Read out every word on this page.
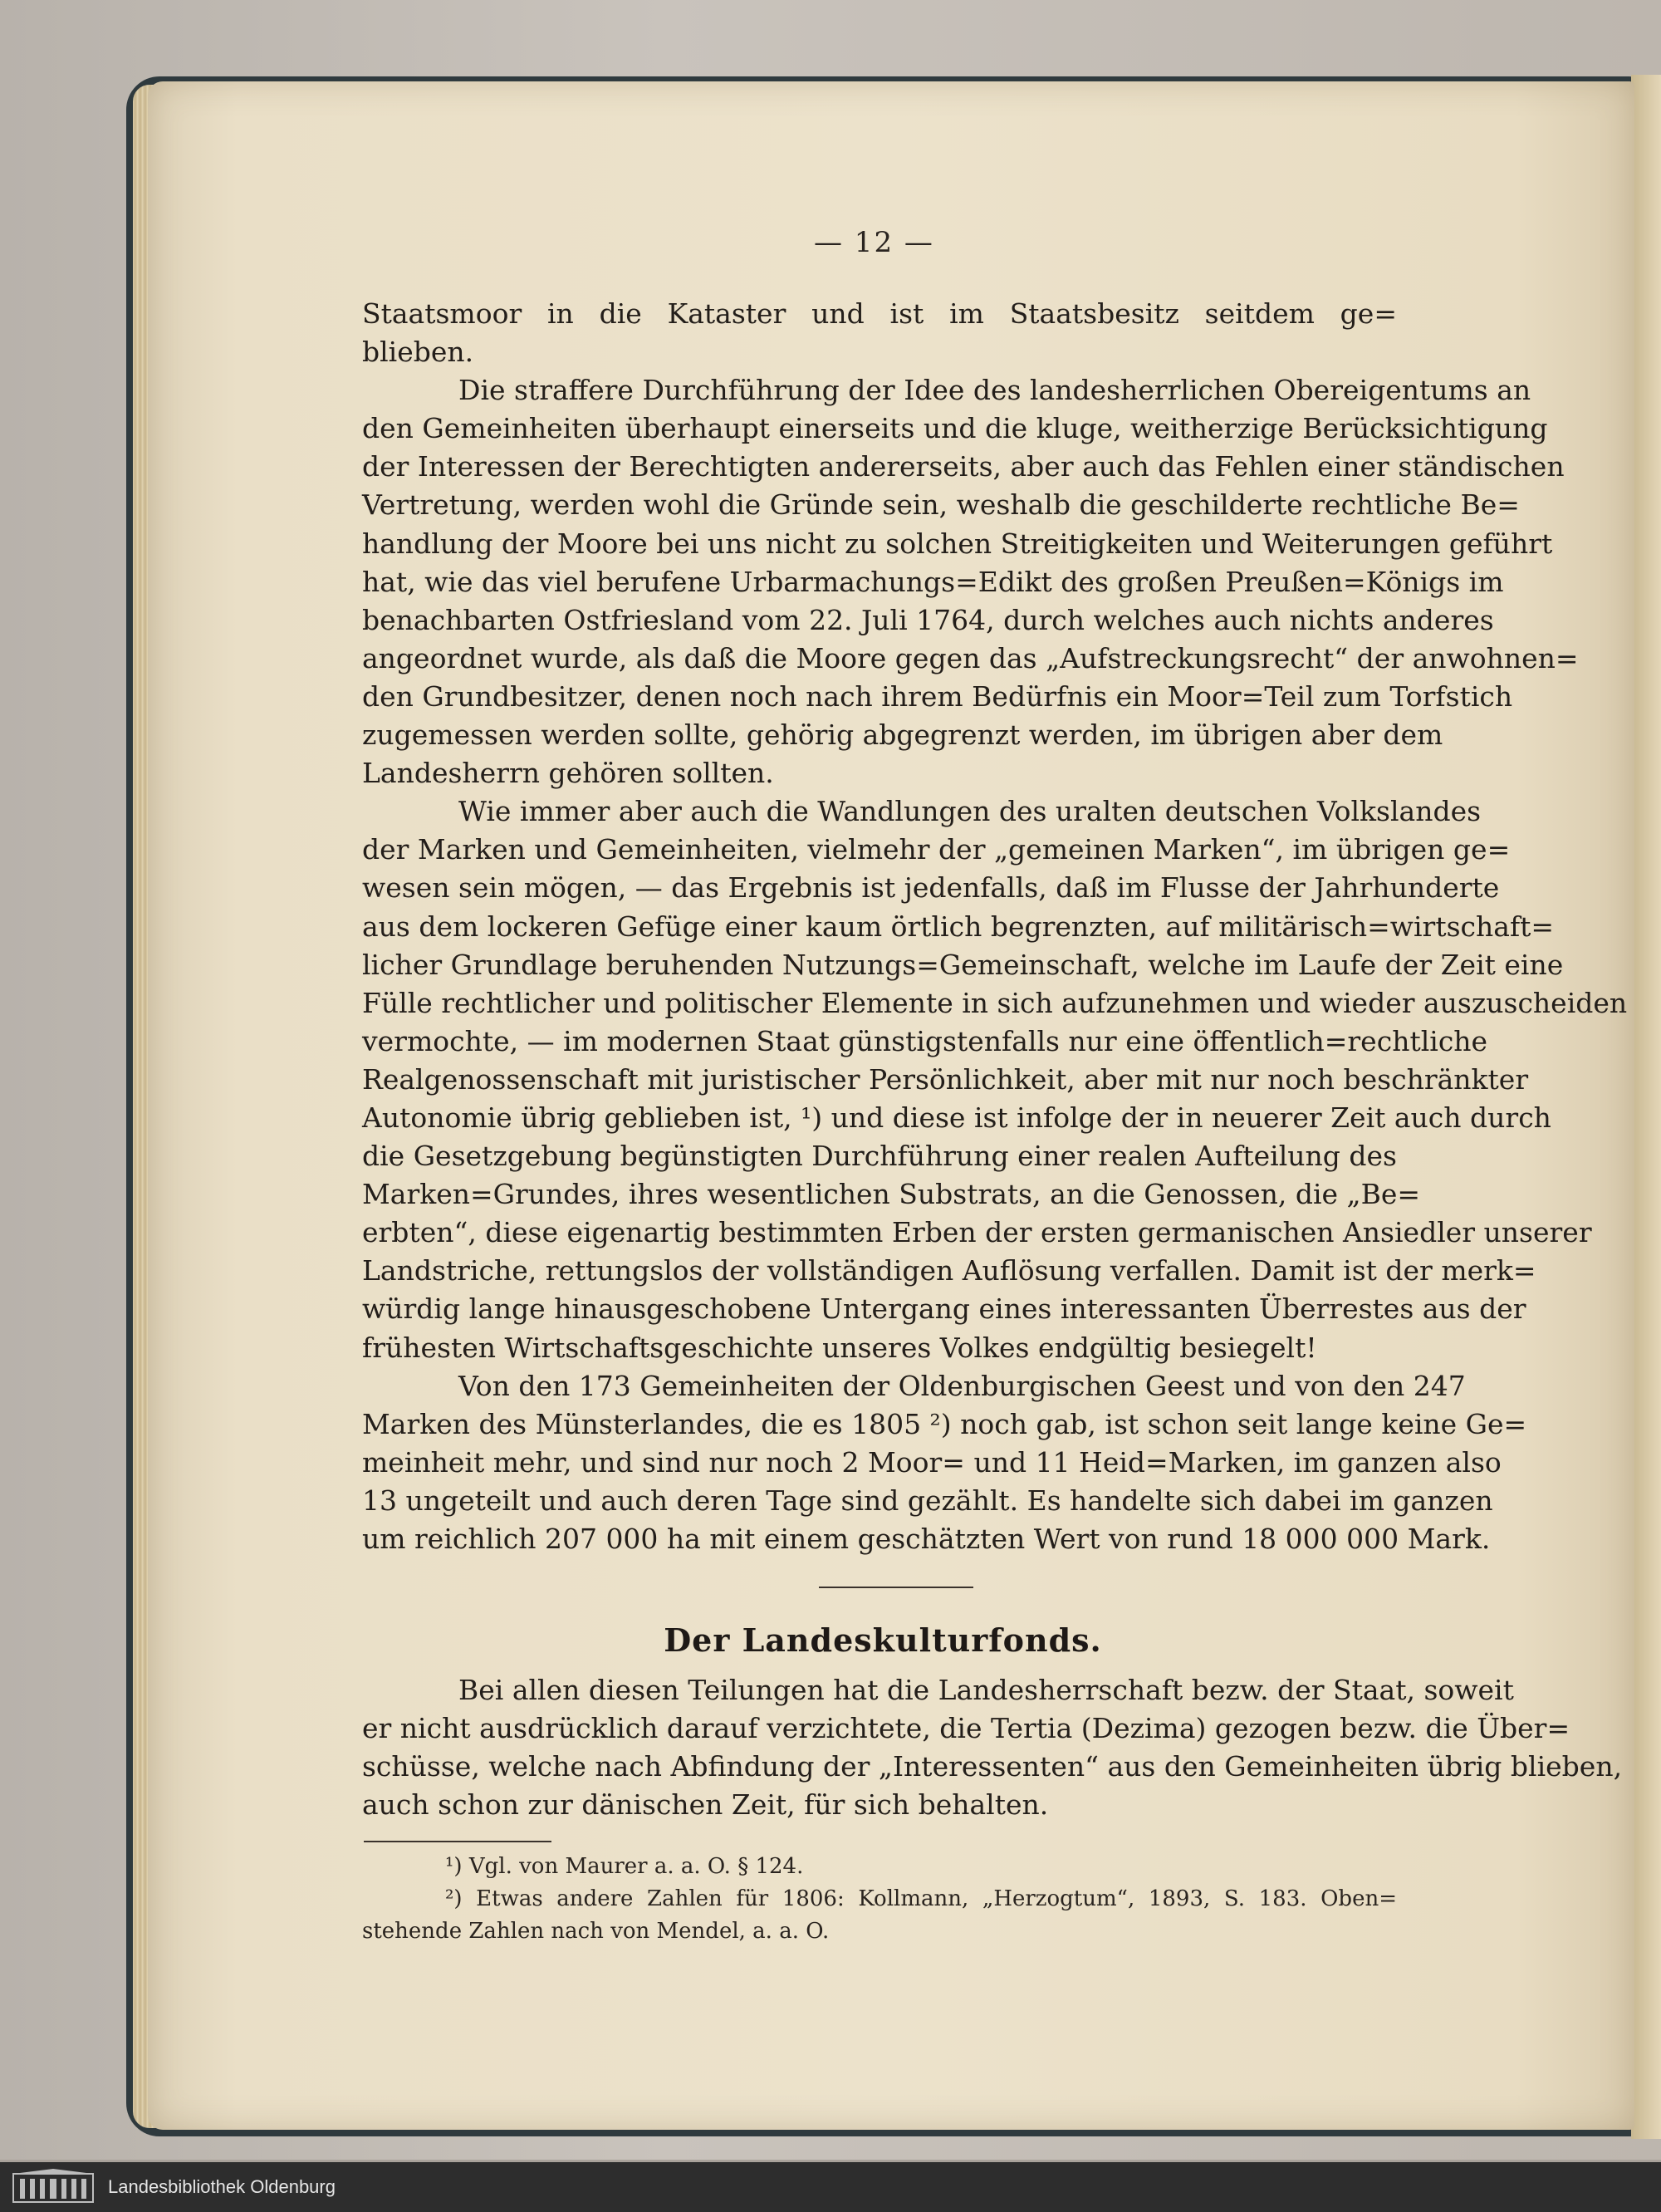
— 12 —
Staatsmoor in die Kataster und ist im Staatsbesitz seitdem ge=
blieben.
Die straffere Durchführung der Idee des landesherrlichen Obereigentums an
den Gemeinheiten überhaupt einerseits und die kluge, weitherzige Berücksichtigung
der Interessen der Berechtigten andererseits, aber auch das Fehlen einer ständischen
Vertretung, werden wohl die Gründe sein, weshalb die geschilderte rechtliche Be=
handlung der Moore bei uns nicht zu solchen Streitigkeiten und Weiterungen geführt
hat, wie das viel berufene Urbarmachungs=Edikt des großen Preußen=Königs im
benachbarten Ostfriesland vom 22. Juli 1764, durch welches auch nichts anderes
angeordnet wurde, als daß die Moore gegen das „Aufstreckungsrecht“ der anwohnen=
den Grundbesitzer, denen noch nach ihrem Bedürfnis ein Moor=Teil zum Torfstich
zugemessen werden sollte, gehörig abgegrenzt werden, im übrigen aber dem
Landesherrn gehören sollten.
Wie immer aber auch die Wandlungen des uralten deutschen Volkslandes
der Marken und Gemeinheiten, vielmehr der „gemeinen Marken“, im übrigen ge=
wesen sein mögen, — das Ergebnis ist jedenfalls, daß im Flusse der Jahrhunderte
aus dem lockeren Gefüge einer kaum örtlich begrenzten, auf militärisch=wirtschaft=
licher Grundlage beruhenden Nutzungs=Gemeinschaft, welche im Laufe der Zeit eine
Fülle rechtlicher und politischer Elemente in sich aufzunehmen und wieder auszuscheiden
vermochte, — im modernen Staat günstigstenfalls nur eine öffentlich=rechtliche
Realgenossenschaft mit juristischer Persönlichkeit, aber mit nur noch beschränkter
Autonomie übrig geblieben ist, ¹) und diese ist infolge der in neuerer Zeit auch durch
die Gesetzgebung begünstigten Durchführung einer realen Aufteilung des
Marken=Grundes, ihres wesentlichen Substrats, an die Genossen, die „Be=
erbten“, diese eigenartig bestimmten Erben der ersten germanischen Ansiedler unserer
Landstriche, rettungslos der vollständigen Auflösung verfallen. Damit ist der merk=
würdig lange hinausgeschobene Untergang eines interessanten Überrestes aus der
frühesten Wirtschaftsgeschichte unseres Volkes endgültig besiegelt!
Von den 173 Gemeinheiten der Oldenburgischen Geest und von den 247
Marken des Münsterlandes, die es 1805 ²) noch gab, ist schon seit lange keine Ge=
meinheit mehr, und sind nur noch 2 Moor= und 11 Heid=Marken, im ganzen also
13 ungeteilt und auch deren Tage sind gezählt. Es handelte sich dabei im ganzen
um reichlich 207 000 ha mit einem geschätzten Wert von rund 18 000 000 Mark.
Der Landeskulturfonds.
Bei allen diesen Teilungen hat die Landesherrschaft bezw. der Staat, soweit
er nicht ausdrücklich darauf verzichtete, die Tertia (Dezima) gezogen bezw. die Über=
schüsse, welche nach Abfindung der „Interessenten“ aus den Gemeinheiten übrig blieben,
auch schon zur dänischen Zeit, für sich behalten.
¹) Vgl. von Maurer a. a. O. § 124.
²) Etwas andere Zahlen für 1806: Kollmann, „Herzogtum“, 1893, S. 183. Oben=
stehende Zahlen nach von Mendel, a. a. O.
Landesbibliothek Oldenburg
